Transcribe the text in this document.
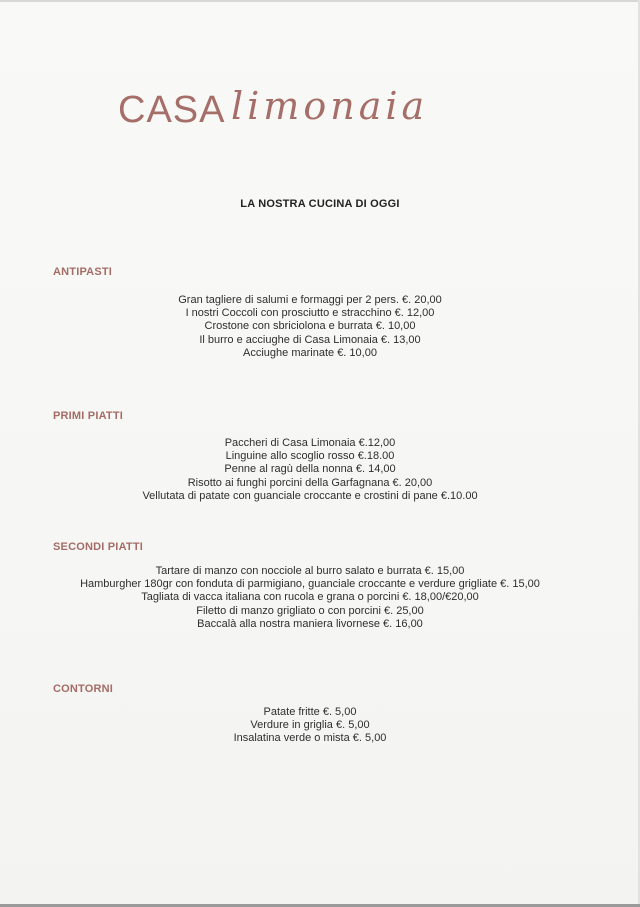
CASA limonaia
LA NOSTRA CUCINA DI OGGI
ANTIPASTI
Gran tagliere di salumi e formaggi per 2 pers. €. 20,00
I nostri Coccoli con prosciutto e stracchino €. 12,00
Crostone con sbriciolona e burrata €. 10,00
Il burro e acciughe di Casa Limonaia €. 13,00
Acciughe marinate €. 10,00
PRIMI PIATTI
Paccheri di Casa Limonaia €.12,00
Linguine allo scoglio rosso €.18.00
Penne al ragù della nonna €. 14,00
Risotto ai funghi porcini della Garfagnana €. 20,00
Vellutata di patate con guanciale croccante e crostini di pane €.10.00
SECONDI PIATTI
Tartare di manzo con nocciole al burro salato e burrata €. 15,00
Hamburgher 180gr con fonduta di parmigiano, guanciale croccante e verdure grigliate €. 15,00
Tagliata di vacca italiana con rucola e grana o porcini €. 18,00/€20,00
Filetto di manzo grigliato o con porcini €. 25,00
Baccalà alla nostra maniera livornese €. 16,00
CONTORNI
Patate fritte €. 5,00
Verdure in griglia €. 5,00
Insalatina verde o mista €. 5,00
